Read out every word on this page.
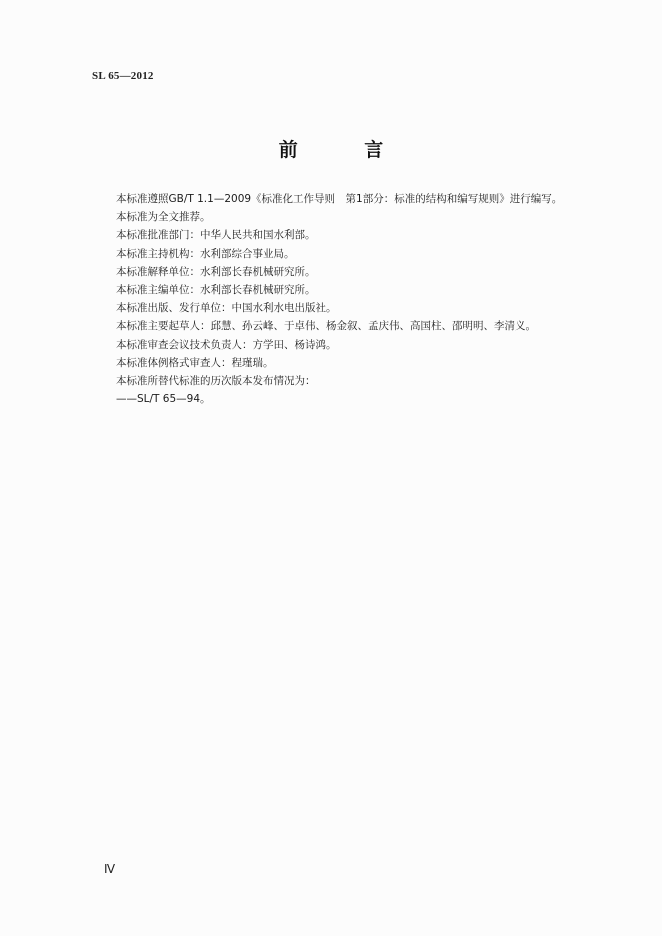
SL 65—2012
前 言
本标准遵照GB/T 1.1—2009《标准化工作导则　第1部分：标准的结构和编写规则》进行编写。
本标准为全文推荐。
本标准批准部门：中华人民共和国水利部。
本标准主持机构：水利部综合事业局。
本标准解释单位：水利部长春机械研究所。
本标准主编单位：水利部长春机械研究所。
本标准出版、发行单位：中国水利水电出版社。
本标准主要起草人：邱慧、孙云峰、于卓伟、杨金叙、孟庆伟、高国柱、邵明明、李清义。
本标准审查会议技术负责人：方学田、杨诗鸿。
本标准体例格式审查人：程瑾瑞。
本标准所替代标准的历次版本发布情况为：
——SL/T 65—94。
Ⅳ
